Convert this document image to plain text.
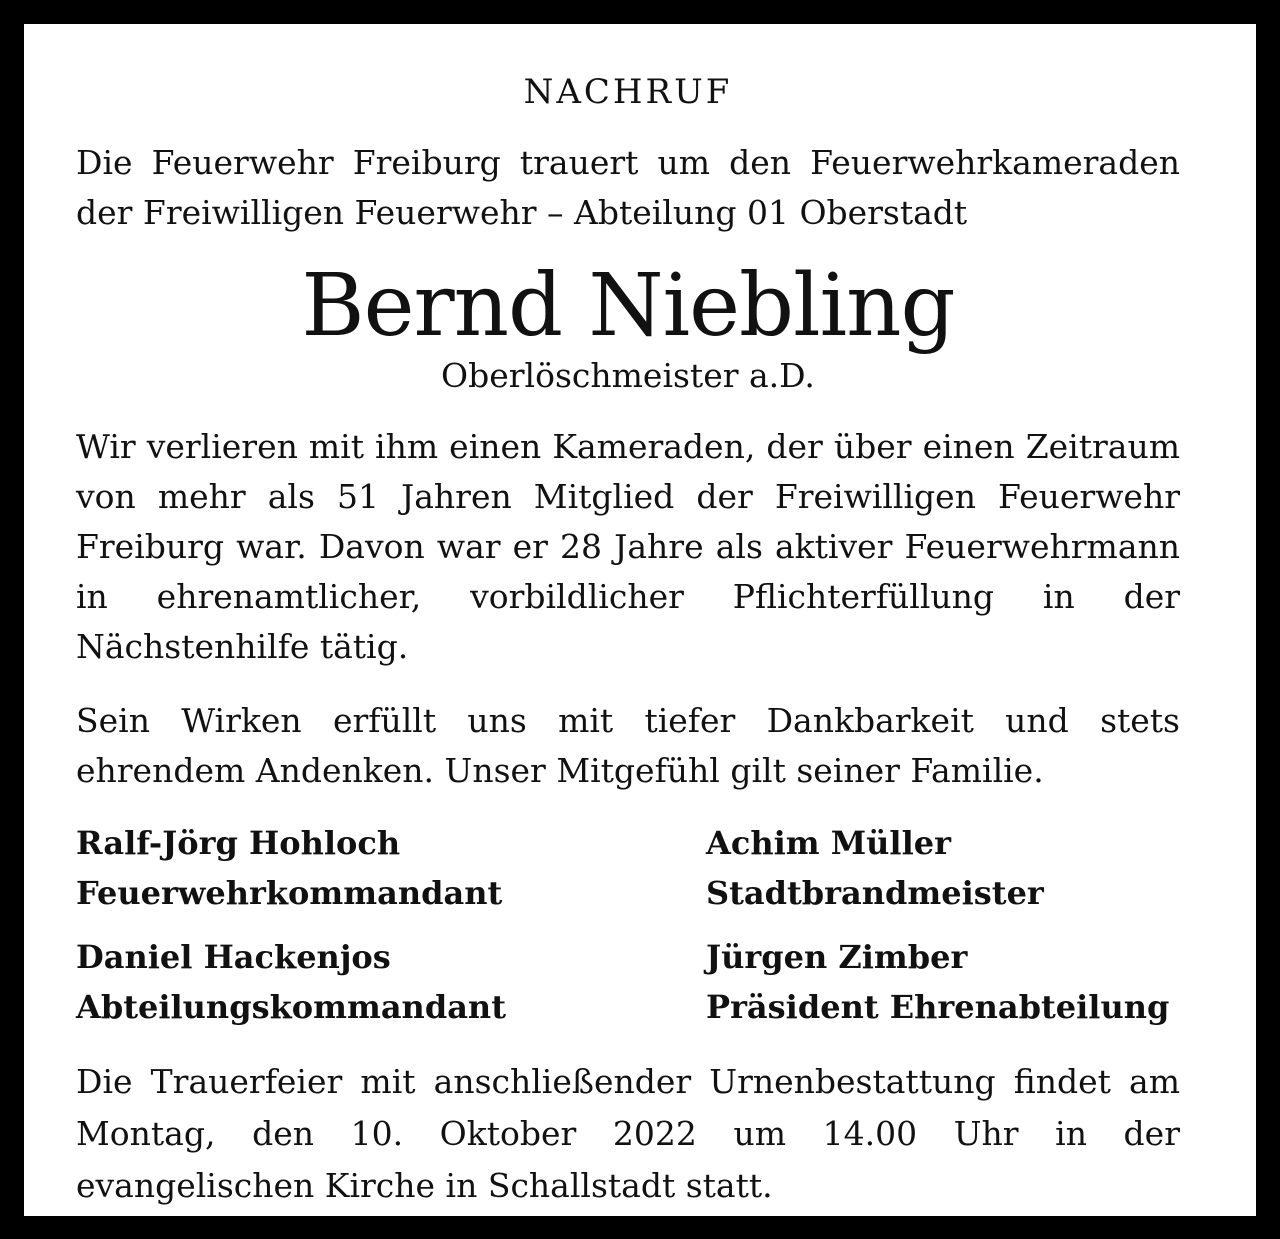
NACHRUF

Die Feuerwehr Freiburg trauert um den Feuerwehrkameraden der Freiwilligen Feuerwehr – Abteilung 01 Oberstadt

Bernd Niebling

Oberlöschmeister a.D.

Wir verlieren mit ihm einen Kameraden, der über einen Zeitraum von mehr als 51 Jahren Mitglied der Freiwilligen Feuerwehr Freiburg war. Davon war er 28 Jahre als aktiver Feuerwehrmann in ehrenamtlicher, vorbildlicher Pflichterfüllung in der Nächstenhilfe tätig.

Sein Wirken erfüllt uns mit tiefer Dankbarkeit und stets ehrendem Andenken. Unser Mitgefühl gilt seiner Familie.

Ralf-Jörg Hohloch
Feuerwehrkommandant
Achim Müller
Stadtbrandmeister
Daniel Hackenjos
Abteilungskommandant
Jürgen Zimber
Präsident Ehrenabteilung

Die Trauerfeier mit anschließender Urnenbestattung findet am Montag, den 10. Oktober 2022 um 14.00 Uhr in der evangelischen Kirche in Schallstadt statt.
